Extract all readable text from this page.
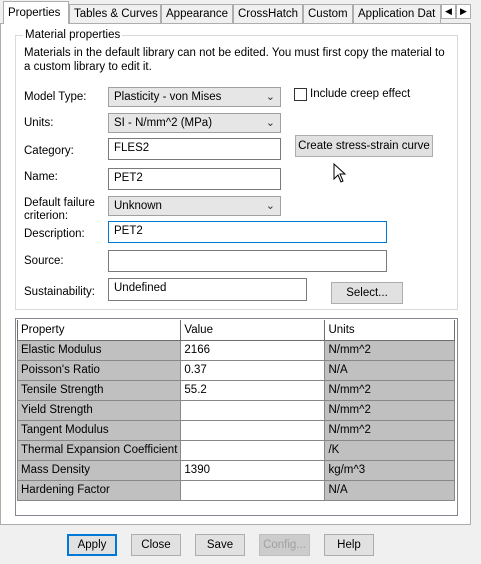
Properties	Tables & Curves Appearance CrossHatch Custom Application Dat	◀ ▶
Material properties
Materials in the default library can not be edited. You must first copy the material to a custom library to edit it.
Model Type:	Plasticity - von Mises	⌄	Include creep effect
Units:	SI - N/mm^2 (MPa)	⌄
Create stress-strain curve
Category:	FLES2
Name:	PET2
Default failure
criterion:
Unknown	⌄
Description:	PET2
Source:
Sustainability:	Undefined	Select...
Property	Value	Units
Elastic Modulus	2166	N/mm^2
Poisson's Ratio	0.37	N/A
Tensile Strength	55.2	N/mm^2
Yield Strength		N/mm^2
Tangent Modulus		N/mm^2
Thermal Expansion Coefficient		/K
Mass Density	1390	kg/m^3
Hardening Factor		N/A
Apply	Close	Save	Config...	Help
